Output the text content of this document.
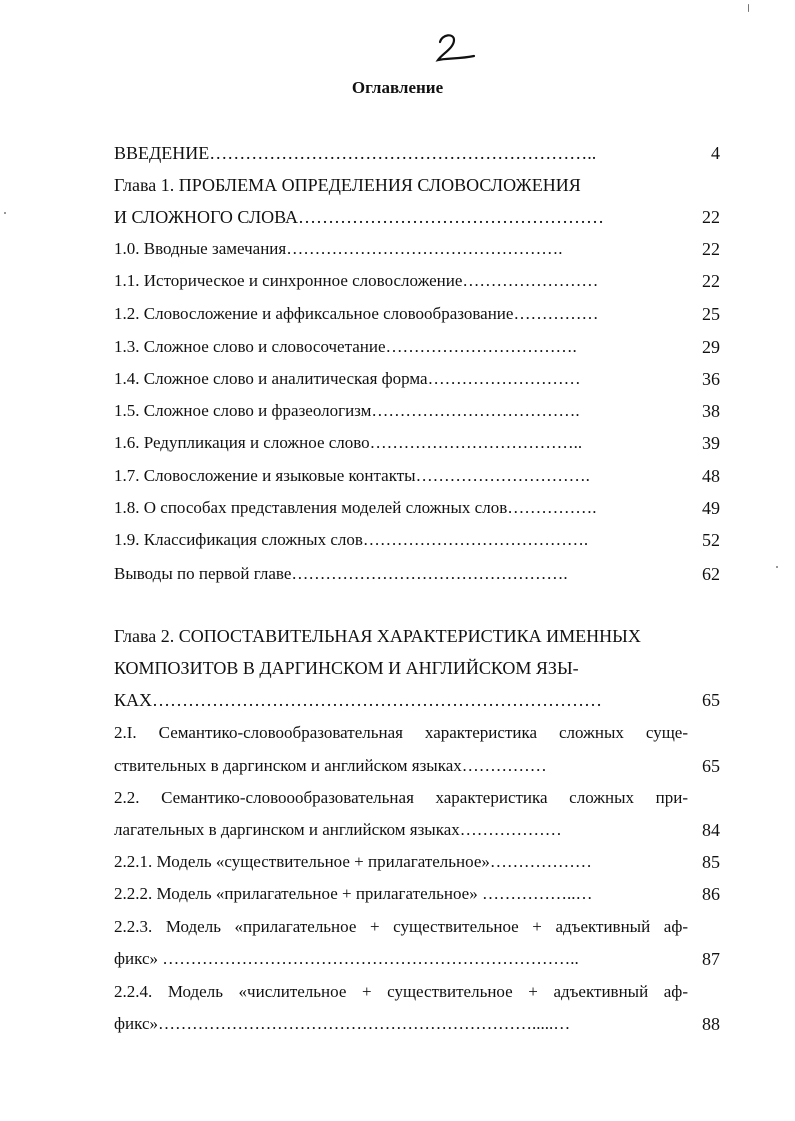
Оглавление
ВВЕДЕНИЕ………………………………………………………..	4
Глава 1. ПРОБЛЕМА ОПРЕДЕЛЕНИЯ СЛОВОСЛОЖЕНИЯ
И СЛОЖНОГО СЛОВА……………………………………………	22
1.0. Вводные замечания………………………………………….	22
1.1. Историческое и синхронное словосложение……………………	22
1.2. Словосложение и аффиксальное словообразование……………	25
1.3. Сложное слово и словосочетание…………………………….	29
1.4. Сложное слово и аналитическая форма………………………	36
1.5. Сложное слово и фразеологизм……………………………….	38
1.6. Редупликация и сложное слово………………………………..	39
1.7. Словосложение и языковые контакты………………………….	48
1.8. О способах представления моделей сложных слов…………….	49
1.9. Классификация сложных слов………………………………….	52
Выводы по первой главе………………………………………….	62
Глава 2. СОПОСТАВИТЕЛЬНАЯ ХАРАКТЕРИСТИКА ИМЕННЫХ
КОМПОЗИТОВ В ДАРГИНСКОМ И АНГЛИЙСКОМ ЯЗЫ-
КАХ…………………………………………………………………	65
2.I. Семантико-словообразовательная характеристика сложных суще-
ствительных в даргинском и английском языках……………	65
2.2. Семантико-словоообразовательная характеристика сложных при-
лагательных в даргинском и английском языках………………	84
2.2.1. Модель «существительное + прилагательное»………………	85
2.2.2. Модель «прилагательное + прилагательное» ……………..…	86
2.2.3. Модель «прилагательное + существительное + адъективный аф-
фикс» ………………………………………………………………..	87
2.2.4. Модель «числительное + существительное + адъективный аф-
фикс»………………………………………………………….....…	88
